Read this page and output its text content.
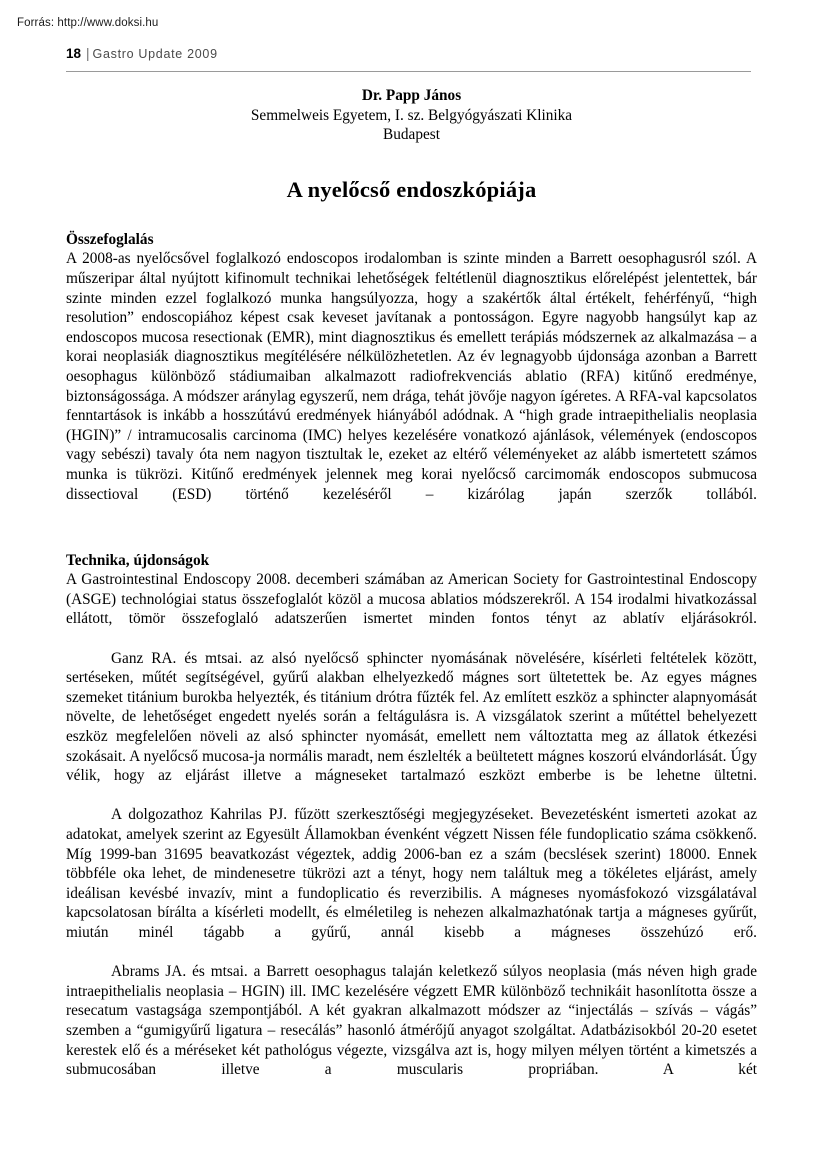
Forrás: http://www.doksi.hu
18 | Gastro Update 2009
Dr. Papp János
Semmelweis Egyetem, I. sz. Belgyógyászati Klinika
Budapest
A nyelőcső endoszkópiája
Összefoglalás

A 2008-as nyelőcsővel foglalkozó endoscopos irodalomban is szinte minden a Barrett oesophagusról szól. A műszeripar által nyújtott kifinomult technikai lehetőségek feltétlenül diagnosztikus előrelépést jelentettek, bár szinte minden ezzel foglalkozó munka hangsúlyozza, hogy a szakértők által értékelt, fehérfényű, “high resolution” endoscopiához képest csak keveset javítanak a pontosságon. Egyre nagyobb hangsúlyt kap az endoscopos mucosa resectionak (EMR), mint diagnosztikus és emellett terápiás módszernek az alkalmazása – a korai neoplasiák diagnosztikus megítélésére nélkülözhetetlen. Az év legnagyobb újdonsága azonban a Barrett oesophagus különböző stádiumaiban alkalmazott radiofrekvenciás ablatio (RFA) kitűnő eredménye, biztonságossága. A módszer aránylag egyszerű, nem drága, tehát jövője nagyon ígéretes. A RFA-val kapcsolatos fenntartások is inkább a hosszútávú eredmények hiányából adódnak. A “high grade intraepithelialis neoplasia (HGIN)” / intramucosalis carcinoma (IMC) helyes kezelésére vonatkozó ajánlások, vélemények (endoscopos vagy sebészi) tavaly óta nem nagyon tisztultak le, ezeket az eltérő véleményeket az alább ismertetett számos munka is tükrözi. Kitűnő eredmények jelennek meg korai nyelőcső carcimomák endoscopos submucosa dissectioval (ESD) történő kezeléséről – kizárólag japán szerzők tollából.

Technika, újdonságok

A Gastrointestinal Endoscopy 2008. decemberi számában az American Society for Gastrointestinal Endoscopy (ASGE) technológiai status összefoglalót közöl a mucosa ablatios módszerekről. A 154 irodalmi hivatkozással ellátott, tömör összefoglaló adatszerűen ismertet minden fontos tényt az ablatív eljárásokról.

Ganz RA. és mtsai. az alsó nyelőcső sphincter nyomásának növelésére, kísérleti feltételek között, sertéseken, műtét segítségével, gyűrű alakban elhelyezkedő mágnes sort ültetettek be. Az egyes mágnes szemeket titánium burokba helyezték, és titánium drótra fűzték fel. Az említett eszköz a sphincter alapnyomását növelte, de lehetőséget engedett nyelés során a feltágulásra is. A vizsgálatok szerint a műtéttel behelyezett eszköz megfelelően növeli az alsó sphincter nyomását, emellett nem változtatta meg az állatok étkezési szokásait. A nyelőcső mucosa-ja normális maradt, nem észlelték a beültetett mágnes koszorú elvándorlását. Úgy vélik, hogy az eljárást illetve a mágneseket tartalmazó eszközt emberbe is be lehetne ültetni.

A dolgozathoz Kahrilas PJ. fűzött szerkesztőségi megjegyzéseket. Bevezetésként ismerteti azokat az adatokat, amelyek szerint az Egyesült Államokban évenként végzett Nissen féle fundoplicatio száma csökkenő. Míg 1999-ban 31695 beavatkozást végeztek, addig 2006-ban ez a szám (becslések szerint) 18000. Ennek többféle oka lehet, de mindenesetre tükrözi azt a tényt, hogy nem találtuk meg a tökéletes eljárást, amely ideálisan kevésbé invazív, mint a fundoplicatio és reverzibilis. A mágneses nyomásfokozó vizsgálatával kapcsolatosan bírálta a kísérleti modellt, és elméletileg is nehezen alkalmazhatónak tartja a mágneses gyűrűt, miután minél tágabb a gyűrű, annál kisebb a mágneses összehúzó erő.

Abrams JA. és mtsai. a Barrett oesophagus talaján keletkező súlyos neoplasia (más néven high grade intraepithelialis neoplasia – HGIN) ill. IMC kezelésére végzett EMR különböző technikáit hasonlította össze a resecatum vastagsága szempontjából. A két gyakran alkalmazott módszer az “injectálás – szívás – vágás” szemben a “gumigyűrű ligatura – resecálás” hasonló átmérőjű anyagot szolgáltat. Adatbázisokból 20-20 esetet kerestek elő és a méréseket két pathológus végezte, vizsgálva azt is, hogy milyen mélyen történt a kimetszés a submucosában illetve a muscularis propriában. A két
